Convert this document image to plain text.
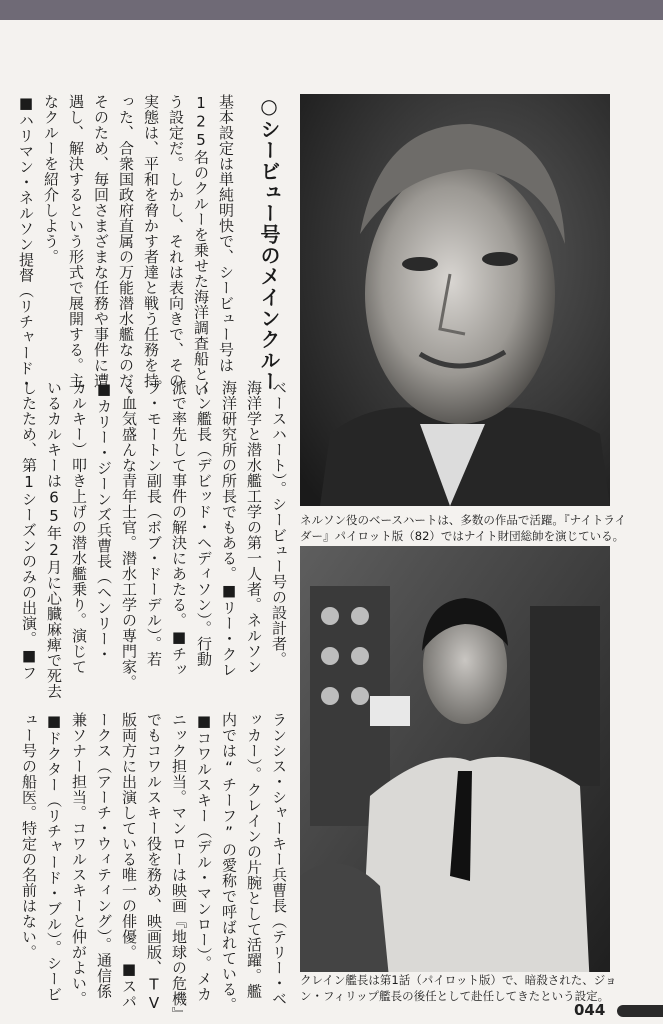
基本設定は単純明快で、シービュー号は
125名のクルーを乗せた海洋調査船とい
う設定だ。しかし、それは表向きで、その
実態は、平和を脅かす者達と戦う任務を持
った、合衆国政府直属の万能潜水艦なのだ。
そのため、毎回さまざまな任務や事件に遭
遇し、解決するという形式で展開する。主
なクルーを紹介しよう。
■ハリマン・ネルソン提督（リチャード・	○シービュー号のメインクルー
ネルソン役のベースハートは、多数の作品で活躍。『ナイトライ
ダー』パイロット版（82）ではナイト財団総帥を演じている。
ベースハート）。シービュー号の設計者。
海洋学と潜水艦工学の第一人者。ネルソン
海洋研究所の所長でもある。■リー・クレ
イン艦長（デビッド・ヘディソン）。行動
派で率先して事件の解決にあたる。■チッ
プ・モートン副長（ボブ・ドーデル）。若
く血気盛んな青年士官。潜水工学の専門家。
■カリー・ジーンズ兵曹長（ヘンリー・
カルキー）叩き上げの潜水艦乗り。演じて
いるカルキーは65年2月に心臓麻痺で死去
したため、第1シーズンのみの出演。■フ
ランシス・シャーキー兵曹長（テリー・ベ
ッカー）。クレインの片腕として活躍。艦
内では“チーフ”の愛称で呼ばれている。
■コワルスキー（デル・マンロー）。メカ
ニック担当。マンローは映画『地球の危機』
でもコワルスキー役を務め、映画版、TV
版両方に出演している唯一の俳優。■スパ
ークス（アーチ・ウィティング）。通信係
兼ソナー担当。コワルスキーと仲がよい。
■ドクター（リチャード・ブル）。シービ
ュー号の船医。特定の名前はない。
クレイン艦長は第1話（パイロット版）で、暗殺された、ジョ
ン・フィリップ艦長の後任として赴任してきたという設定。
044
